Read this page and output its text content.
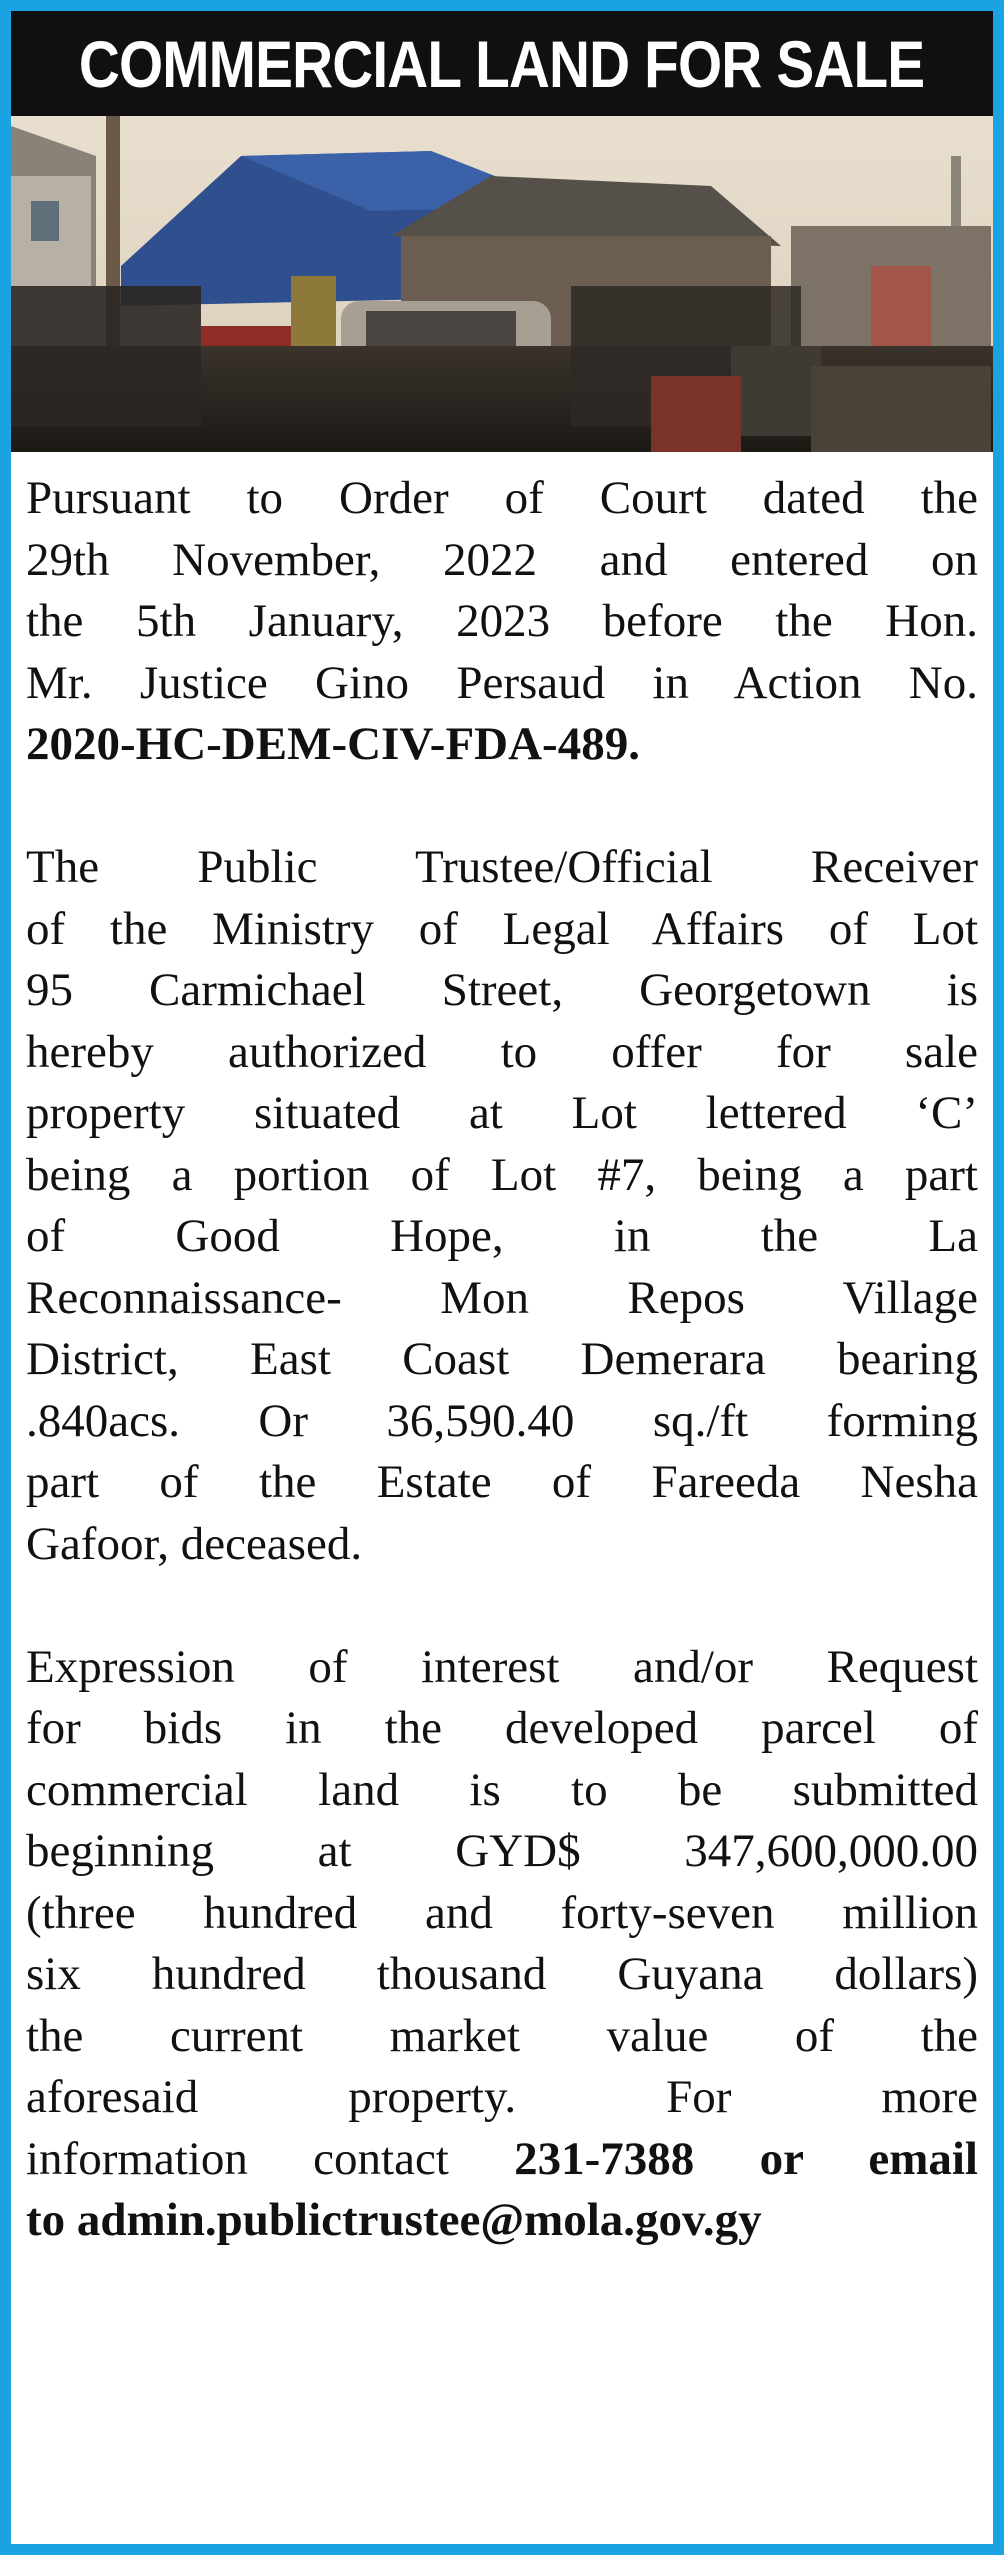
COMMERCIAL LAND FOR SALE
Pursuant to Order of Court dated the
29th November, 2022 and entered on
the 5th January, 2023 before the Hon.
Mr. Justice Gino Persaud in Action No.
2020-HC-DEM-CIV-FDA-489.
The Public Trustee/Official Receiver
of the Ministry of Legal Affairs of Lot
95 Carmichael Street, Georgetown is
hereby authorized to offer for sale
property situated at Lot lettered ‘C’
being a portion of Lot #7, being a part
of Good Hope, in the La
Reconnaissance- Mon Repos Village
District, East Coast Demerara bearing
.840acs. Or 36,590.40 sq./ft forming
part of the Estate of Fareeda Nesha
Gafoor, deceased.
Expression of interest and/or Request
for bids in the developed parcel of
commercial land is to be submitted
beginning at GYD$ 347,600,000.00
(three hundred and forty-seven million
six hundred thousand Guyana dollars)
the current market value of the
aforesaid property. For more
information contact 231-7388 or email
to admin.publictrustee@mola.gov.gy
